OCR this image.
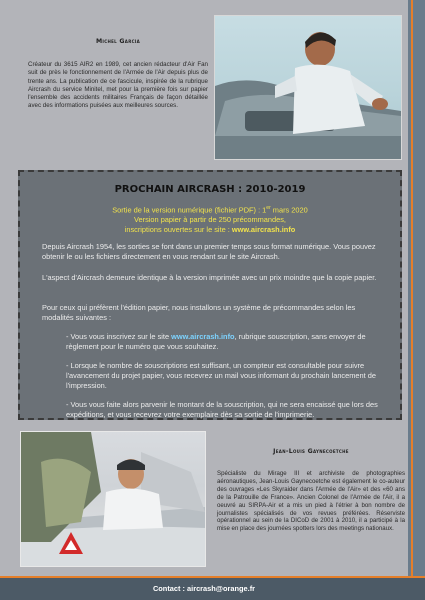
Michel Garcia

Créateur du 3615 AIR2 en 1989, cet ancien rédacteur d'Air Fan suit de près le fonctionnement de l'Armée de l'Air depuis plus de trente ans. La publication de ce fascicule, inspirée de la rubrique Aircrash du service Minitel, met pour la première fois sur papier l'ensemble des accidents militaires Français de façon détaillée avec des informations puisées aux meilleures sources.

PROCHAIN AIRCRASH : 2010-2019

Sortie de la version numérique (fichier PDF) : 1er mars 2020
Version papier à partir de 250 précommandes,
inscriptions ouvertes sur le site : www.aircrash.info

Depuis Aircrash 1954, les sorties se font dans un premier temps sous format numérique. Vous pouvez obtenir le ou les fichiers directement en vous rendant sur le site Aircrash.

L'aspect d'Aircrash demeure identique à la version imprimée avec un prix moindre que la copie papier.

Pour ceux qui préfèrent l'édition papier, nous installons un système de précommandes selon les modalités suivantes :

- Vous vous inscrivez sur le site www.aircrash.info, rubrique souscription, sans envoyer de règlement pour le numéro que vous souhaitez.

- Lorsque le nombre de souscriptions est suffisant, un compteur est consultable pour suivre l'avancement du projet papier, vous recevrez un mail vous informant du prochain lancement de l'impression.

- Vous vous faite alors parvenir le montant de la souscription, qui ne sera encaissé que lors des expéditions, et vous recevrez votre exemplaire dès sa sortie de l'imprimerie.

Jean-Louis Gaynecoetche

Spécialiste du Mirage III et archiviste de photographies aéronautiques, Jean-Louis Gaynecoetche est également le co-auteur des ouvrages «Les Skyraider dans l'Armée de l'Air» et des «60 ans de la Patrouille de France». Ancien Colonel de l'Armée de l'Air, il a oeuvré au SIRPA-Air et a mis un pied à l'étrier à bon nombre de journalistes spécialisés de vos revues préférées. Réserviste opérationnel au sein de la DICoD de 2001 à 2010, il a participé à la mise en place des journées spotters lors des meetings nationaux.

Contact : aircrash@orange.fr
